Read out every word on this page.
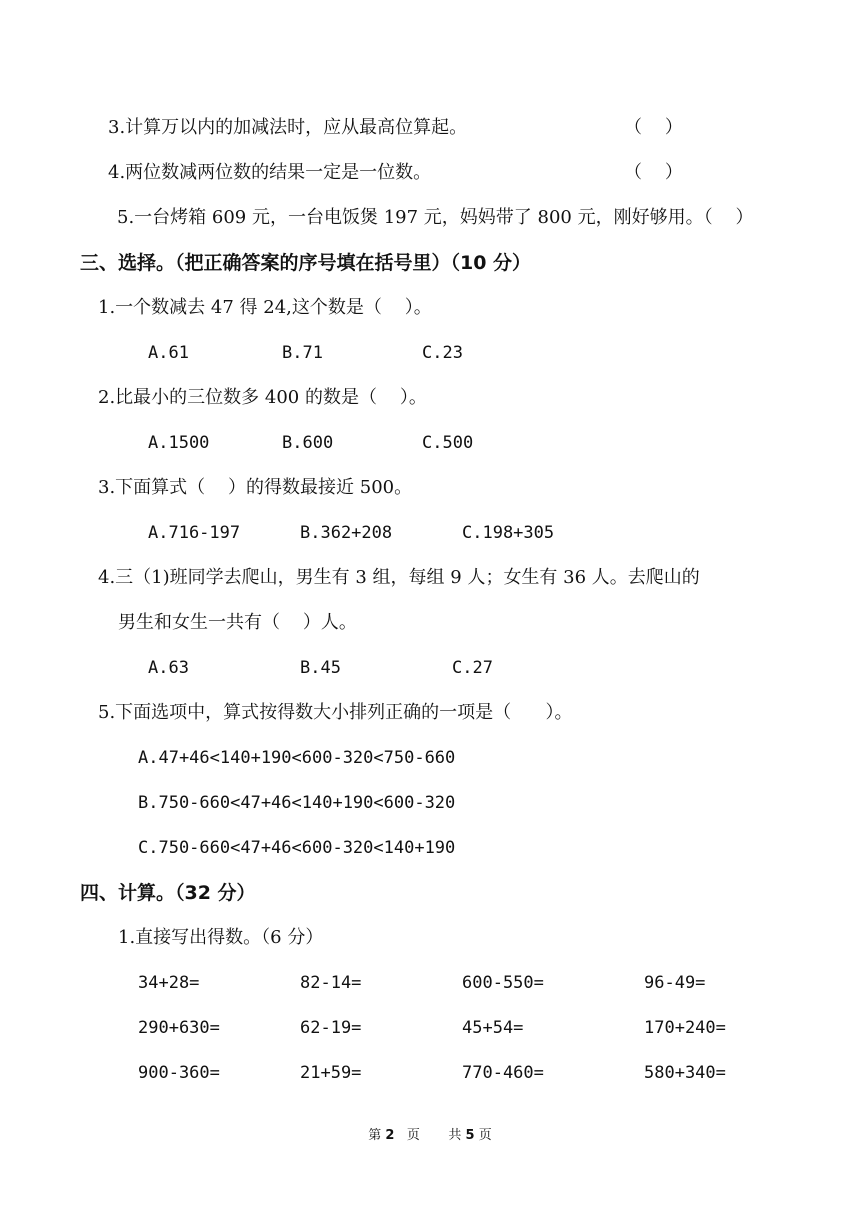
3.计算万以内的加减法时，应从最高位算起。	（    ）
4.两位数减两位数的结果一定是一位数。	（    ）
5.一台烤箱 609 元，一台电饭煲 197 元，妈妈带了 800 元，刚好够用。（    ）
三、选择。（把正确答案的序号填在括号里）（10 分）
1.一个数减去 47 得 24,这个数是（    ）。
A.61	B.71	C.23
2.比最小的三位数多 400 的数是（    ）。
A.1500	B.600	C.500
3.下面算式（    ）的得数最接近 500。
A.716-197	B.362+208	C.198+305
4.三（1)班同学去爬山，男生有 3 组，每组 9 人；女生有 36 人。去爬山的
男生和女生一共有（    ）人。
A.63	B.45	C.27
5.下面选项中，算式按得数大小排列正确的一项是（      ）。
A.47+46<140+190<600-320<750-660
B.750-660<47+46<140+190<600-320
C.750-660<47+46<600-320<140+190
四、计算。（32 分）
1.直接写出得数。（6 分）
34+28=	82-14=	600-550=	96-49=
290+630=	62-19=	45+54=	170+240=
900-360=	21+59=	770-460=	580+340=
第 2 页 共 5 页
